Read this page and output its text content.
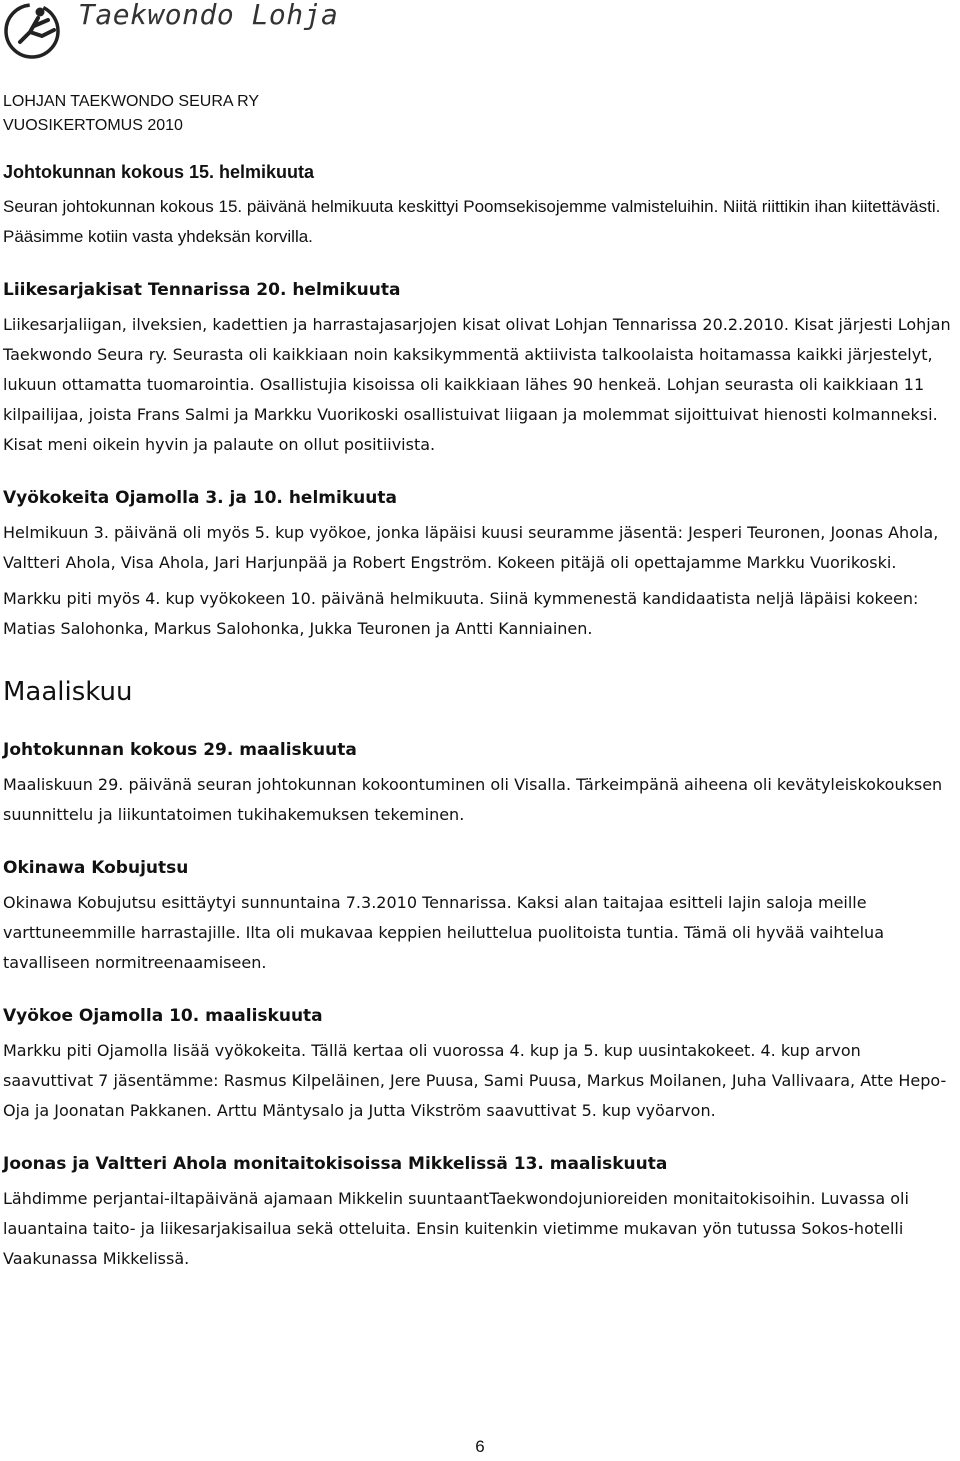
Taekwondo Lohja
LOHJAN TAEKWONDO SEURA RY
VUOSIKERTOMUS 2010
Johtokunnan kokous 15. helmikuuta

Seuran johtokunnan kokous 15. päivänä helmikuuta keskittyi Poomsekisojemme valmisteluihin. Niitä riittikin ihan kiitettävästi. Pääsimme kotiin vasta yhdeksän korvilla.

Liikesarjakisat Tennarissa 20. helmikuuta

Liikesarjaliigan, ilveksien, kadettien ja harrastajasarjojen kisat olivat Lohjan Tennarissa 20.2.2010. Kisat järjesti Lohjan Taekwondo Seura ry. Seurasta oli kaikkiaan noin kaksikymmentä aktiivista talkoolaista hoitamassa kaikki järjestelyt, lukuun ottamatta tuomarointia. Osallistujia kisoissa oli kaikkiaan lähes 90 henkeä. Lohjan seurasta oli kaikkiaan 11 kilpailijaa, joista Frans Salmi ja Markku Vuorikoski osallistuivat liigaan ja molemmat sijoittuivat hienosti kolmanneksi. Kisat meni oikein hyvin ja palaute on ollut positiivista.

Vyökokeita Ojamolla 3. ja 10. helmikuuta

Helmikuun 3. päivänä oli myös 5. kup vyökoe, jonka läpäisi kuusi seuramme jäsentä: Jesperi Teuronen, Joonas Ahola, Valtteri Ahola, Visa Ahola, Jari Harjunpää ja Robert Engström. Kokeen pitäjä oli opettajamme Markku Vuorikoski.

Markku piti myös 4. kup vyökokeen 10. päivänä helmikuuta. Siinä kymmenestä kandidaatista neljä läpäisi kokeen: Matias Salohonka, Markus Salohonka, Jukka Teuronen ja Antti Kanniainen.

Maaliskuu
Johtokunnan kokous 29. maaliskuuta

Maaliskuun 29. päivänä seuran johtokunnan kokoontuminen oli Visalla. Tärkeimpänä aiheena oli kevätyleiskokouksen suunnittelu ja liikuntatoimen tukihakemuksen tekeminen.

Okinawa Kobujutsu

Okinawa Kobujutsu esittäytyi sunnuntaina 7.3.2010 Tennarissa. Kaksi alan taitajaa esitteli lajin saloja meille varttuneemmille harrastajille. Ilta oli mukavaa keppien heiluttelua puolitoista tuntia. Tämä oli hyvää vaihtelua tavalliseen normitreenaamiseen.

Vyökoe Ojamolla 10. maaliskuuta

Markku piti Ojamolla lisää vyökokeita. Tällä kertaa oli vuorossa 4. kup ja 5. kup uusintakokeet. 4. kup arvon saavuttivat 7 jäsentämme: Rasmus Kilpeläinen, Jere Puusa, Sami Puusa, Markus Moilanen, Juha Vallivaara, Atte Hepo-Oja ja Joonatan Pakkanen. Arttu Mäntysalo ja Jutta Vikström saavuttivat 5. kup vyöarvon.

Joonas ja Valtteri Ahola monitaitokisoissa Mikkelissä 13. maaliskuuta

Lähdimme perjantai-iltapäivänä ajamaan Mikkelin suuntaantTaekwondojunioreiden monitaitokisoihin. Luvassa oli lauantaina taito- ja liikesarjakisailua sekä otteluita. Ensin kuitenkin vietimme mukavan yön tutussa Sokos-hotelli Vaakunassa Mikkelissä.

6
